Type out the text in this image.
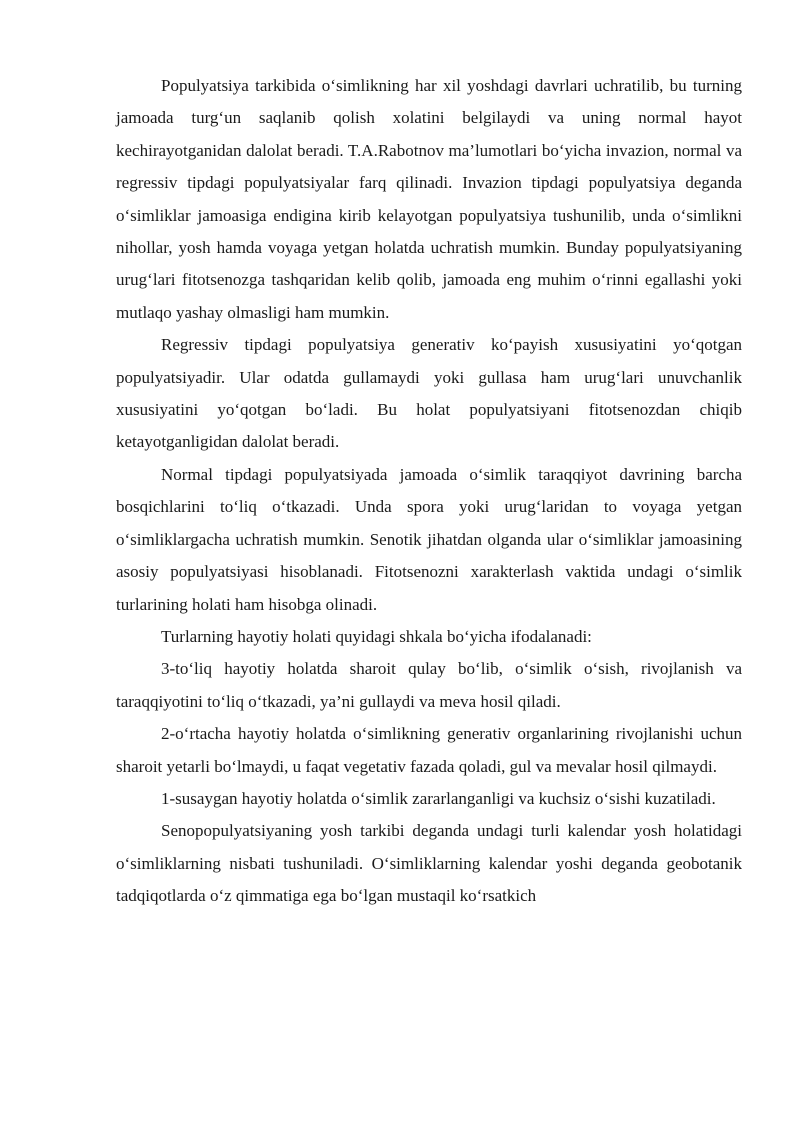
Populyatsiya tarkibida o‘simlikning har xil yoshdagi davrlari uchratilib, bu turning jamoada turg‘un saqlanib qolish xolatini belgilaydi va uning normal hayot kechirayotganidan dalolat beradi. T.A.Rabotnov ma’lumotlari bo‘yicha invazion, normal va regressiv tipdagi populyatsiyalar farq qilinadi. Invazion tipdagi populyatsiya deganda o‘simliklar jamoasiga endigina kirib kelayotgan populyatsiya tushunilib, unda o‘simlikni nihollar, yosh hamda voyaga yetgan holatda uchratish mumkin. Bunday populyatsiyaning urug‘lari fitotsenozga tashqaridan kelib qolib, jamoada eng muhim o‘rinni egallashi yoki mutlaqo yashay olmasligi ham mumkin.

Regressiv tipdagi populyatsiya generativ ko‘payish xususiyatini yo‘qotgan populyatsiyadir. Ular odatda gullamaydi yoki gullasa ham urug‘lari unuvchanlik xususiyatini yo‘qotgan bo‘ladi. Bu holat populyatsiyani fitotsenozdan chiqib ketayotganligidan dalolat beradi.

Normal tipdagi populyatsiyada jamoada o‘simlik taraqqiyot davrining barcha bosqichlarini to‘liq o‘tkazadi. Unda spora yoki urug‘laridan to voyaga yetgan o‘simliklargacha uchratish mumkin. Senotik jihatdan olganda ular o‘simliklar jamoasining asosiy populyatsiyasi hisoblanadi. Fitotsenozni xarakterlash vaktida undagi o‘simlik turlarining holati ham hisobga olinadi.

Turlarning hayotiy holati quyidagi shkala bo‘yicha ifodalanadi:

3-to‘liq hayotiy holatda sharoit qulay bo‘lib, o‘simlik o‘sish, rivojlanish va taraqqiyotini to‘liq o‘tkazadi, ya’ni gullaydi va meva hosil qiladi.

2-o‘rtacha hayotiy holatda o‘simlikning generativ organlarining rivojlanishi uchun sharoit yetarli bo‘lmaydi, u faqat vegetativ fazada qoladi, gul va mevalar hosil qilmaydi.

1-susaygan hayotiy holatda o‘simlik zararlanganligi va kuchsiz o‘sishi kuzatiladi.

Senopopulyatsiyaning yosh tarkibi deganda undagi turli kalendar yosh holatidagi o‘simliklarning nisbati tushuniladi. O‘simliklarning kalendar yoshi deganda geobotanik tadqiqotlarda o‘z qimmatiga ega bo‘lgan mustaqil ko‘rsatkich
